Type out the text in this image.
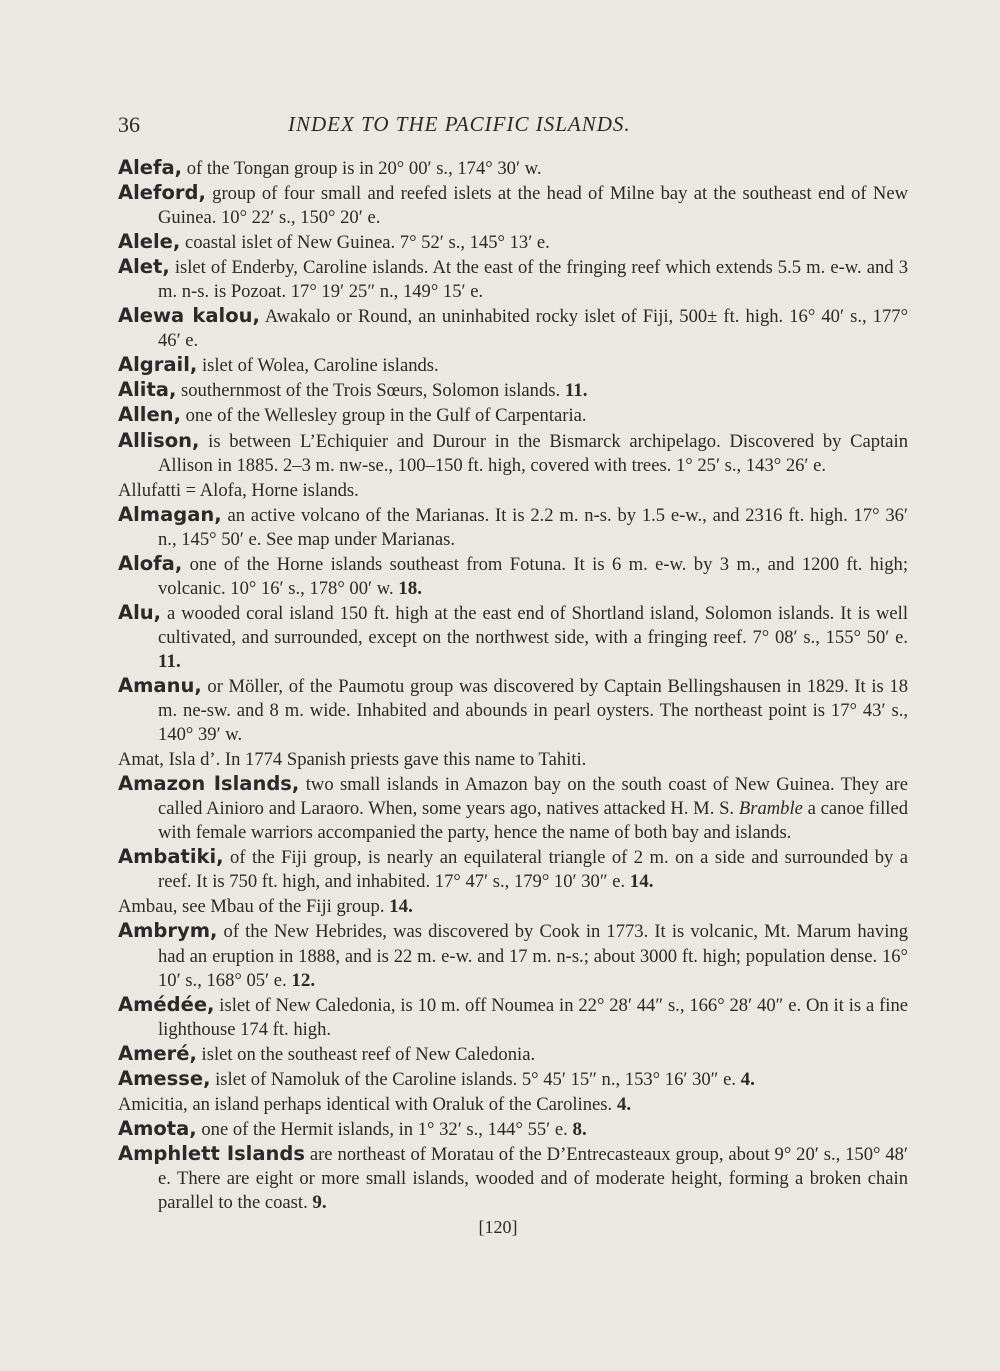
36	INDEX TO THE PACIFIC ISLANDS.

Alefa, of the Tongan group is in 20° 00′ s., 174° 30′ w.

Aleford, group of four small and reefed islets at the head of Milne bay at the southeast end of New Guinea. 10° 22′ s., 150° 20′ e.

Alele, coastal islet of New Guinea. 7° 52′ s., 145° 13′ e.

Alet, islet of Enderby, Caroline islands. At the east of the fringing reef which extends 5.5 m. e-w. and 3 m. n-s. is Pozoat. 17° 19′ 25″ n., 149° 15′ e.

Alewa kalou, Awakalo or Round, an uninhabited rocky islet of Fiji, 500± ft. high. 16° 40′ s., 177° 46′ e.

Algrail, islet of Wolea, Caroline islands.

Alita, southernmost of the Trois Sœurs, Solomon islands. 11.

Allen, one of the Wellesley group in the Gulf of Carpentaria.

Allison, is between L’Echiquier and Durour in the Bismarck archipelago. Discovered by Captain Allison in 1885. 2–3 m. nw-se., 100–150 ft. high, covered with trees. 1° 25′ s., 143° 26′ e.

Allufatti = Alofa, Horne islands.

Almagan, an active volcano of the Marianas. It is 2.2 m. n-s. by 1.5 e-w., and 2316 ft. high. 17° 36′ n., 145° 50′ e. See map under Marianas.

Alofa, one of the Horne islands southeast from Fotuna. It is 6 m. e-w. by 3 m., and 1200 ft. high; volcanic. 10° 16′ s., 178° 00′ w. 18.

Alu, a wooded coral island 150 ft. high at the east end of Shortland island, Solomon islands. It is well cultivated, and surrounded, except on the northwest side, with a fringing reef. 7° 08′ s., 155° 50′ e. 11.

Amanu, or Möller, of the Paumotu group was discovered by Captain Bellingshausen in 1829. It is 18 m. ne-sw. and 8 m. wide. Inhabited and abounds in pearl oysters. The northeast point is 17° 43′ s., 140° 39′ w.

Amat, Isla d’. In 1774 Spanish priests gave this name to Tahiti.

Amazon Islands, two small islands in Amazon bay on the south coast of New Guinea. They are called Ainioro and Laraoro. When, some years ago, natives attacked H. M. S. Bramble a canoe filled with female warriors accompanied the party, hence the name of both bay and islands.

Ambatiki, of the Fiji group, is nearly an equilateral triangle of 2 m. on a side and surrounded by a reef. It is 750 ft. high, and inhabited. 17° 47′ s., 179° 10′ 30″ e. 14.

Ambau, see Mbau of the Fiji group. 14.

Ambrym, of the New Hebrides, was discovered by Cook in 1773. It is volcanic, Mt. Marum having had an eruption in 1888, and is 22 m. e-w. and 17 m. n-s.; about 3000 ft. high; population dense. 16° 10′ s., 168° 05′ e. 12.

Amédée, islet of New Caledonia, is 10 m. off Noumea in 22° 28′ 44″ s., 166° 28′ 40″ e. On it is a fine lighthouse 174 ft. high.

Ameré, islet on the southeast reef of New Caledonia.

Amesse, islet of Namoluk of the Caroline islands. 5° 45′ 15″ n., 153° 16′ 30″ e. 4.

Amicitia, an island perhaps identical with Oraluk of the Carolines. 4.

Amota, one of the Hermit islands, in 1° 32′ s., 144° 55′ e. 8.

Amphlett Islands are northeast of Moratau of the D’Entrecasteaux group, about 9° 20′ s., 150° 48′ e. There are eight or more small islands, wooded and of moderate height, forming a broken chain parallel to the coast. 9.

[120]
